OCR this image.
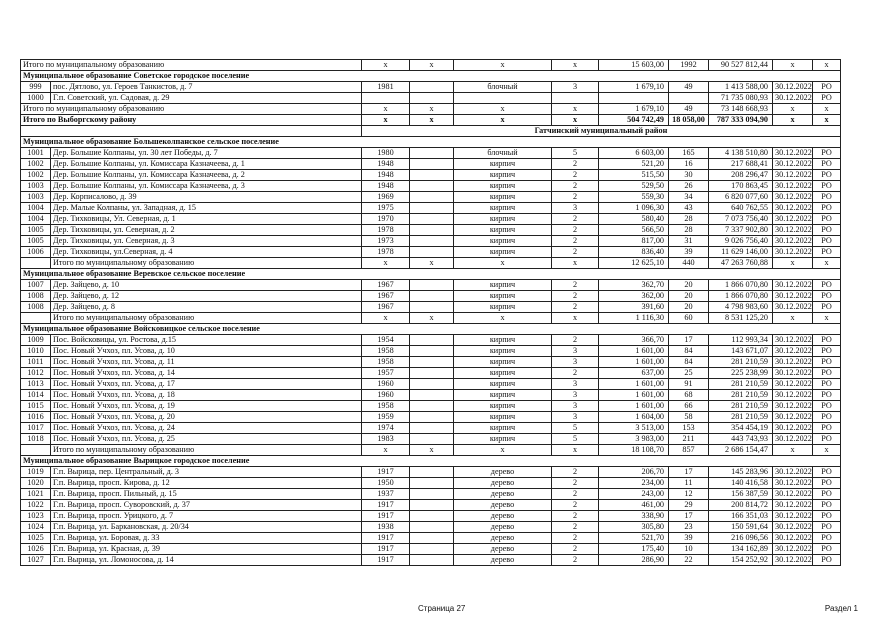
Итого по муниципальному образованию		х	х	х	х	15 603,00	1992	90 527 812,44	х	х
Муниципальное образование Советское городское поселение										
999	пос. Дятлово, ул. Героев Танкистов, д. 7	1981		блочный	3	1 679,10	49	1 413 588,00	30.12.2022	РО
1000	Г.п. Советский, ул. Садовая, д. 29							71 735 080,93	30.12.2022	РО
Итого по муниципальному образованию		х	х	х	х	1 679,10	49	73 148 668,93	х	х
Итого по Выборгскому району		х	х	х	х	504 742,49	18 058,00	787 333 094,90	х	х
		Гатчинский муниципальный район								
Муниципальное образование Большеколпанское сельское поселение										
1001	Дер. Большие Колпаны, ул. 30 лет Победы, д. 7	1980		блочный	5	6 603,00	165	4 138 510,80	30.12.2022	РО
1002	Дер. Большие Колпаны, ул. Комиссара Казначеева, д. 1	1948		кирпич	2	521,20	16	217 688,41	30.12.2022	РО
1002	Дер. Большие Колпаны, ул. Комиссара Казначеева, д. 2	1948		кирпич	2	515,50	30	208 296,47	30.12.2022	РО
1003	Дер. Большие Колпаны, ул. Комиссара Казначеева, д. 3	1948		кирпич	2	529,50	26	170 863,45	30.12.2022	РО
1003	Дер. Корписалово, д. 39	1969		кирпич	2	559,30	34	6 820 077,60	30.12.2022	РО
1004	Дер. Малые Колпаны, ул. Западная, д. 15	1975		кирпич	3	1 096,30	43	640 762,55	30.12.2022	РО
1004	Дер. Тихковицы, Ул. Северная, д. 1	1970		кирпич	2	580,40	28	7 073 756,40	30.12.2022	РО
1005	Дер. Тихковицы, ул. Северная, д. 2	1978		кирпич	2	566,50	28	7 337 902,80	30.12.2022	РО
1005	Дер. Тихковицы, ул. Северная, д. 3	1973		кирпич	2	817,00	31	9 026 756,40	30.12.2022	РО
1006	Дер. Тихковицы, ул.Северная, д. 4	1978		кирпич	2	836,40	39	11 629 146,00	30.12.2022	РО
	Итого по муниципальному образованию	х	х	х	х	12 625,10	440	47 263 760,88	х	х
Муниципальное образование Веревское сельское поселение										
1007	Дер. Зайцево, д. 10	1967		кирпич	2	362,70	20	1 866 070,80	30.12.2022	РО
1008	Дер. Зайцево, д. 12	1967		кирпич	2	362,00	20	1 866 070,80	30.12.2022	РО
1008	Дер. Зайцево, д. 8	1967		кирпич	2	391,60	20	4 798 983,60	30.12.2022	РО
	Итого по муниципальному образованию	х	х	х	х	1 116,30	60	8 531 125,20	х	х
Муниципальное образование Войсковицкое сельское поселение										
1009	Пос. Войсковицы, ул. Ростова, д.15	1954		кирпич	2	366,70	17	112 993,34	30.12.2022	РО
1010	Пос. Новый Учхоз, пл. Усова, д. 10	1958		кирпич	3	1 601,00	84	143 671,07	30.12.2022	РО
1011	Пос. Новый Учхоз, пл. Усова, д. 11	1958		кирпич	3	1 601,00	84	281 210,59	30.12.2022	РО
1012	Пос. Новый Учхоз, пл. Усова, д. 14	1957		кирпич	2	637,00	25	225 238,99	30.12.2022	РО
1013	Пос. Новый Учхоз, пл. Усова, д. 17	1960		кирпич	3	1 601,00	91	281 210,59	30.12.2022	РО
1014	Пос. Новый Учхоз, пл. Усова, д. 18	1960		кирпич	3	1 601,00	68	281 210,59	30.12.2022	РО
1015	Пос. Новый Учхоз, пл. Усова, д. 19	1958		кирпич	3	1 601,00	66	281 210,59	30.12.2022	РО
1016	Пос. Новый Учхоз, пл. Усова, д. 20	1959		кирпич	3	1 604,00	58	281 210,59	30.12.2022	РО
1017	Пос. Новый Учхоз, пл. Усова, д. 24	1974		кирпич	5	3 513,00	153	354 454,19	30.12.2022	РО
1018	Пос. Новый Учхоз, пл. Усова, д. 25	1983		кирпич	5	3 983,00	211	443 743,93	30.12.2022	РО
	Итого по муниципальному образованию	х	х	х	х	18 108,70	857	2 686 154,47	х	х
Муниципальное образование Вырицкое городское поселение										
1019	Г.п. Вырица, пер. Центральный, д. 3	1917		дерево	2	206,70	17	145 283,96	30.12.2022	РО
1020	Г.п. Вырица, просп. Кирова, д. 12	1950		дерево	2	234,00	11	140 416,58	30.12.2022	РО
1021	Г.п. Вырица, просп. Пильный, д. 15	1937		дерево	2	243,00	12	156 387,59	30.12.2022	РО
1022	Г.п. Вырица, просп. Суворовский, д. 37	1917		дерево	2	461,00	29	200 814,72	30.12.2022	РО
1023	Г.п. Вырица, просп. Урицкого, д. 7	1917		дерево	2	338,90	17	166 351,03	30.12.2022	РО
1024	Г.п. Вырица, ул. Баркановская, д. 20/34	1938		дерево	2	305,80	23	150 591,64	30.12.2022	РО
1025	Г.п. Вырица, ул. Боровая, д. 33	1917		дерево	2	521,70	39	216 096,56	30.12.2022	РО
1026	Г.п. Вырица, ул. Красная, д. 39	1917		дерево	2	175,40	10	134 162,89	30.12.2022	РО
1027	Г.п. Вырица, ул. Ломоносова, д. 14	1917		дерево	2	286,90	22	154 252,92	30.12.2022	РО
Страница 27	Раздел 1
